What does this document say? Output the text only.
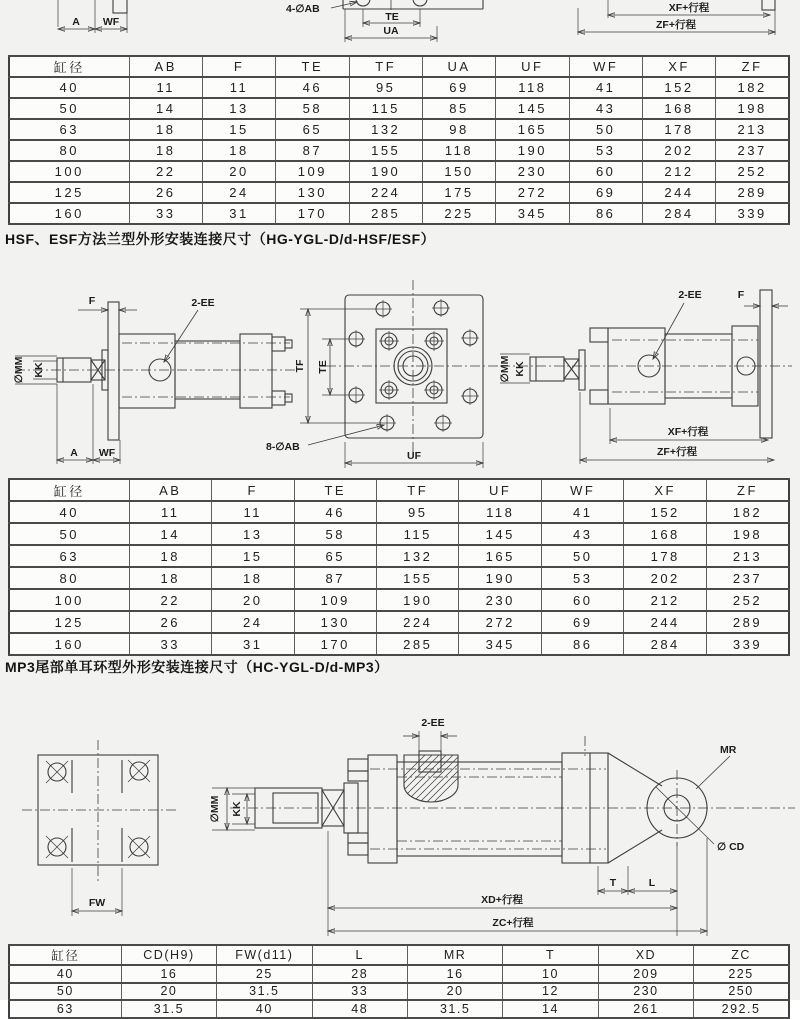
A WF
4-∅AB
TE
UA
XF+行程
ZF+行程
缸径	AB	F	TE	TF	UA	UF	WF	XF	ZF
40	11	11	46	95	69	118	41	152	182
50	14	13	58	115	85	145	43	168	198
63	18	15	65	132	98	165	50	178	213
80	18	18	87	155	118	190	53	202	237
100	22	20	109	190	150	230	60	212	252
125	26	24	130	224	175	272	69	244	289
160	33	31	170	285	225	345	86	284	339
HSF、ESF方法兰型外形安装连接尺寸（HG-YGL-D/d-HSF/ESF）
∅MM KK
2-EE
F
A WF
TF TE
UF
8-∅AB
∅MM KK
2-EE	F
XF+行程
ZF+行程
缸径	AB	F	TE	TF	UF	WF	XF	ZF
40	11	11	46	95	118	41	152	182
50	14	13	58	115	145	43	168	198
63	18	15	65	132	165	50	178	213
80	18	18	87	155	190	53	202	237
100	22	20	109	190	230	60	212	252
125	26	24	130	224	272	69	244	289
160	33	31	170	285	345	86	284	339
MP3尾部单耳环型外形安装连接尺寸（HC-YGL-D/d-MP3）
FW
∅MM KK
2-EE
MR
∅ CD
T	L
XD+行程
ZC+行程
缸径	CD(H9)	FW(d11)	L	MR	T	XD	ZC
40	16	25	28	16	10	209	225
50	20	31.5	33	20	12	230	250
63	31.5	40	48	31.5	14	261	292.5
